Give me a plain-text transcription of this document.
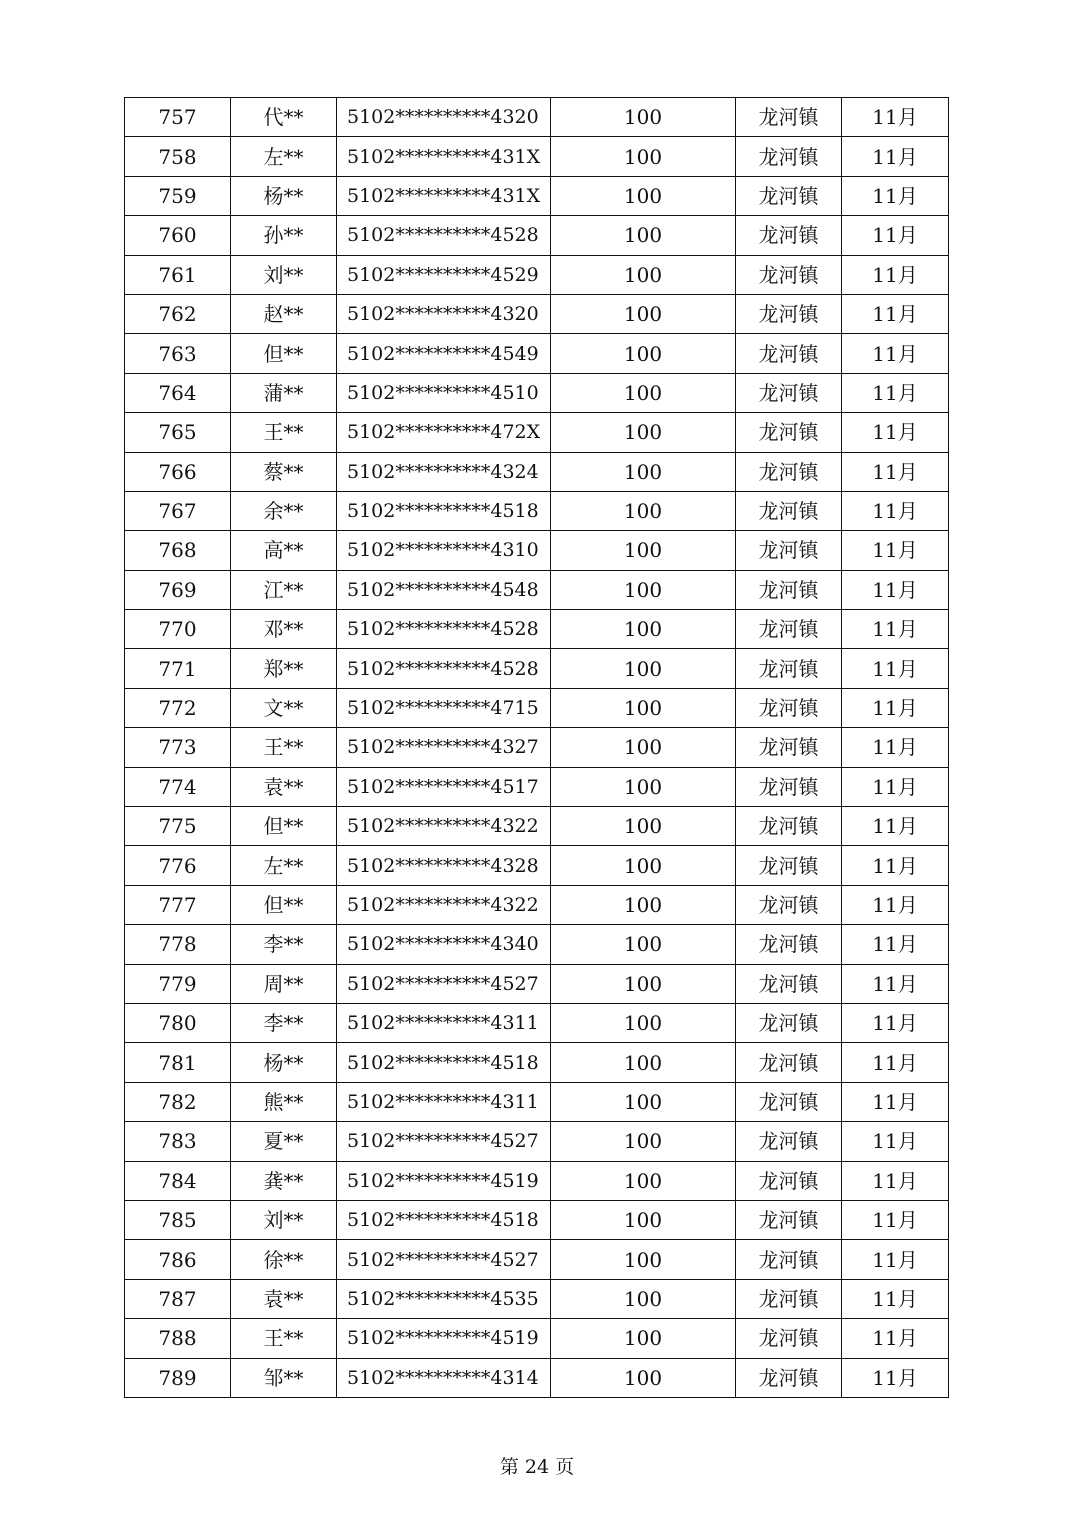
757	代**	5102**********4320	100	龙河镇	11月
758	左**	5102**********431X	100	龙河镇	11月
759	杨**	5102**********431X	100	龙河镇	11月
760	孙**	5102**********4528	100	龙河镇	11月
761	刘**	5102**********4529	100	龙河镇	11月
762	赵**	5102**********4320	100	龙河镇	11月
763	但**	5102**********4549	100	龙河镇	11月
764	蒲**	5102**********4510	100	龙河镇	11月
765	王**	5102**********472X	100	龙河镇	11月
766	蔡**	5102**********4324	100	龙河镇	11月
767	余**	5102**********4518	100	龙河镇	11月
768	高**	5102**********4310	100	龙河镇	11月
769	江**	5102**********4548	100	龙河镇	11月
770	邓**	5102**********4528	100	龙河镇	11月
771	郑**	5102**********4528	100	龙河镇	11月
772	文**	5102**********4715	100	龙河镇	11月
773	王**	5102**********4327	100	龙河镇	11月
774	袁**	5102**********4517	100	龙河镇	11月
775	但**	5102**********4322	100	龙河镇	11月
776	左**	5102**********4328	100	龙河镇	11月
777	但**	5102**********4322	100	龙河镇	11月
778	李**	5102**********4340	100	龙河镇	11月
779	周**	5102**********4527	100	龙河镇	11月
780	李**	5102**********4311	100	龙河镇	11月
781	杨**	5102**********4518	100	龙河镇	11月
782	熊**	5102**********4311	100	龙河镇	11月
783	夏**	5102**********4527	100	龙河镇	11月
784	龚**	5102**********4519	100	龙河镇	11月
785	刘**	5102**********4518	100	龙河镇	11月
786	徐**	5102**********4527	100	龙河镇	11月
787	袁**	5102**********4535	100	龙河镇	11月
788	王**	5102**********4519	100	龙河镇	11月
789	邹**	5102**********4314	100	龙河镇	11月
第 24 页
